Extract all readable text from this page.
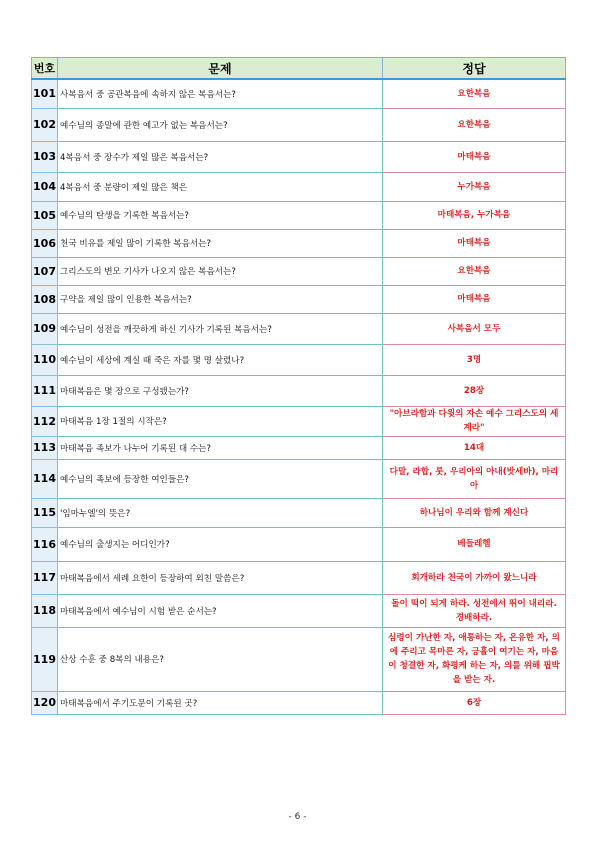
번호	문제	정답
101	사복음서 중 공관복음에 속하지 않은 복음서는?	요한복음
102	예수님의 종말에 관한 예고가 없는 복음서는?	요한복음
103	4복음서 중 장수가 제일 많은 복음서는?	마태복음
104	4복음서 중 분량이 제일 많은 책은	누가복음
105	예수님의 탄생을 기록한 복음서는?	마태복음, 누가복음
106	천국 비유를 제일 많이 기록한 복음서는?	마태복음
107	그리스도의 변모 기사가 나오지 않은 복음서는?	요한복음
108	구약을 제일 많이 인용한 복음서는?	마태복음
109	예수님이 성전을 깨끗하게 하신 기사가 기록된 복음서는?	사복음서 모두
110	예수님이 세상에 계실 때 죽은 자를 몇 명 살렸나?	3명
111	마태복음은 몇 장으로 구성됐는가?	28장
112	마태복음 1장 1절의 시작은?	"아브라함과 다윗의 자손 예수 그리스도의 세계라"
113	마태복음 족보가 나누어 기록된 대 수는?	14대
114	예수님의 족보에 등장한 여인들은?	다말, 라합, 룻, 우리아의 아내(밧세바), 마리아
115	'임마누엘'의 뜻은?	하나님이 우리와 함께 계신다
116	예수님의 출생지는 어디인가?	베들레헴
117	마태복음에서 세례 요한이 등장하여 외친 말씀은?	회개하라 천국이 가까이 왔느니라
118	마태복음에서 예수님이 시험 받은 순서는?	돌이 떡이 되게 하라. 성전에서 뛰어 내리라. 경배하라.
119	산상 수훈 중 8복의 내용은?	심령이 가난한 자, 애통하는 자, 온유한 자, 의에 주리고 목마른 자, 긍휼이 여기는 자, 마음이 청결한 자, 화평케 하는 자, 의를 위해 핍박을 받는 자.
120	마태복음에서 주기도문이 기록된 곳?	6장
- 6 -
